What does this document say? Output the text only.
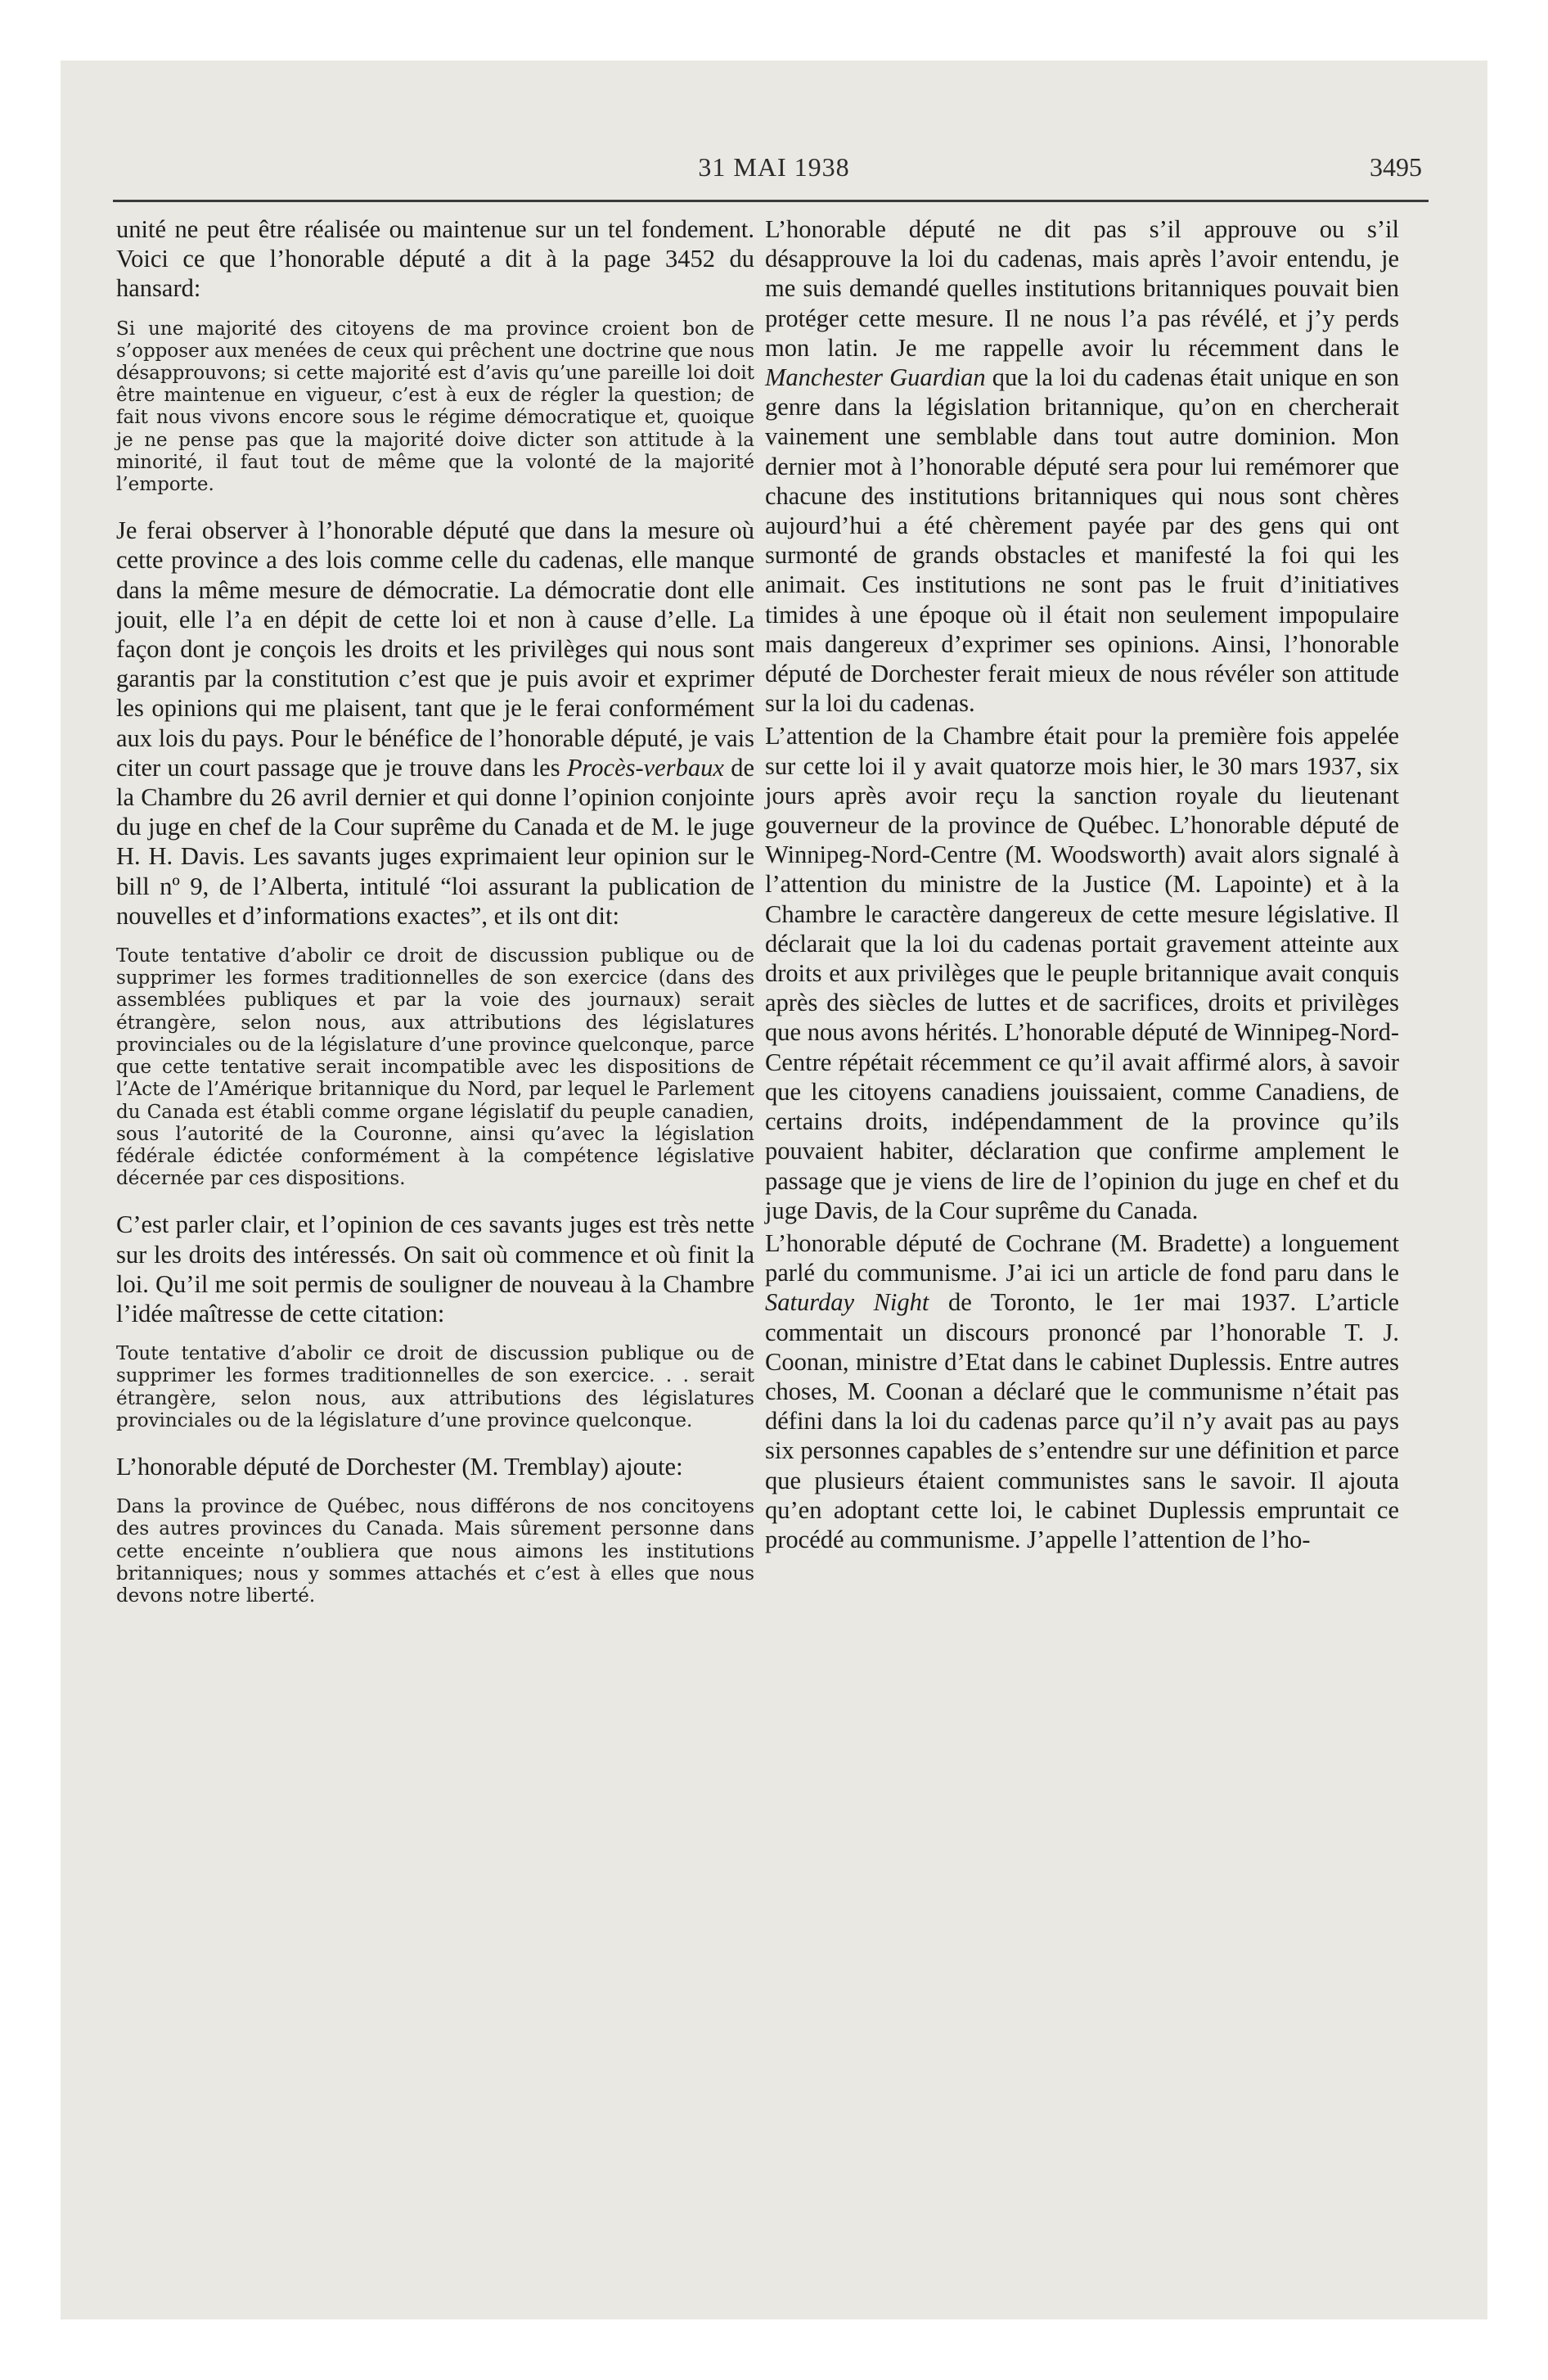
31 MAI 1938	3495

unité ne peut être réalisée ou maintenue sur un tel fondement. Voici ce que l’honorable député a dit à la page 3452 du hansard:

Si une majorité des citoyens de ma province croient bon de s’opposer aux menées de ceux qui prêchent une doctrine que nous désapprouvons; si cette majorité est d’avis qu’une pareille loi doit être maintenue en vigueur, c’est à eux de régler la question; de fait nous vivons encore sous le régime démocratique et, quoique je ne pense pas que la majorité doive dicter son attitude à la minorité, il faut tout de même que la volonté de la majorité l’emporte.

Je ferai observer à l’honorable député que dans la mesure où cette province a des lois comme celle du cadenas, elle manque dans la même mesure de démocratie. La démocratie dont elle jouit, elle l’a en dépit de cette loi et non à cause d’elle. La façon dont je conçois les droits et les privilèges qui nous sont garantis par la constitution c’est que je puis avoir et exprimer les opinions qui me plaisent, tant que je le ferai conformément aux lois du pays. Pour le bénéfice de l’honorable député, je vais citer un court passage que je trouve dans les Procès-verbaux de la Chambre du 26 avril dernier et qui donne l’opinion conjointe du juge en chef de la Cour suprême du Canada et de M. le juge H. H. Davis. Les savants juges exprimaient leur opinion sur le bill nº 9, de l’Alberta, intitulé “loi assurant la publication de nouvelles et d’informations exactes”, et ils ont dit:

Toute tentative d’abolir ce droit de discussion publique ou de supprimer les formes traditionnelles de son exercice (dans des assemblées publiques et par la voie des journaux) serait étrangère, selon nous, aux attributions des législatures provinciales ou de la législature d’une province quelconque, parce que cette tentative serait incompatible avec les dispositions de l’Acte de l’Amérique britannique du Nord, par lequel le Parlement du Canada est établi comme organe législatif du peuple canadien, sous l’autorité de la Couronne, ainsi qu’avec la législation fédérale édictée conformément à la compétence législative décernée par ces dispositions.

C’est parler clair, et l’opinion de ces savants juges est très nette sur les droits des intéressés. On sait où commence et où finit la loi. Qu’il me soit permis de souligner de nouveau à la Chambre l’idée maîtresse de cette citation:

Toute tentative d’abolir ce droit de discussion publique ou de supprimer les formes traditionnelles de son exercice. . . serait étrangère, selon nous, aux attributions des législatures provinciales ou de la législature d’une province quelconque.

L’honorable député de Dorchester (M. Tremblay) ajoute:

Dans la province de Québec, nous différons de nos concitoyens des autres provinces du Canada. Mais sûrement personne dans cette enceinte n’oubliera que nous aimons les institutions britanniques; nous y sommes attachés et c’est à elles que nous devons notre liberté.

L’honorable député ne dit pas s’il approuve ou s’il désapprouve la loi du cadenas, mais après l’avoir entendu, je me suis demandé quelles institutions britanniques pouvait bien protéger cette mesure. Il ne nous l’a pas révélé, et j’y perds mon latin. Je me rappelle avoir lu récemment dans le Manchester Guardian que la loi du cadenas était unique en son genre dans la législation britannique, qu’on en chercherait vainement une semblable dans tout autre dominion. Mon dernier mot à l’honorable député sera pour lui remémorer que chacune des institutions britanniques qui nous sont chères aujourd’hui a été chèrement payée par des gens qui ont surmonté de grands obstacles et manifesté la foi qui les animait. Ces institutions ne sont pas le fruit d’initiatives timides à une époque où il était non seulement impopulaire mais dangereux d’exprimer ses opinions. Ainsi, l’honorable député de Dorchester ferait mieux de nous révéler son attitude sur la loi du cadenas.

L’attention de la Chambre était pour la première fois appelée sur cette loi il y avait quatorze mois hier, le 30 mars 1937, six jours après avoir reçu la sanction royale du lieutenant gouverneur de la province de Québec. L’honorable député de Winnipeg-Nord-Centre (M. Woodsworth) avait alors signalé à l’attention du ministre de la Justice (M. Lapointe) et à la Chambre le caractère dangereux de cette mesure législative. Il déclarait que la loi du cadenas portait gravement atteinte aux droits et aux privilèges que le peuple britannique avait conquis après des siècles de luttes et de sacrifices, droits et privilèges que nous avons hérités. L’honorable député de Winnipeg-Nord-Centre répétait récemment ce qu’il avait affirmé alors, à savoir que les citoyens canadiens jouissaient, comme Canadiens, de certains droits, indépendamment de la province qu’ils pouvaient habiter, déclaration que confirme amplement le passage que je viens de lire de l’opinion du juge en chef et du juge Davis, de la Cour suprême du Canada.

L’honorable député de Cochrane (M. Bradette) a longuement parlé du communisme. J’ai ici un article de fond paru dans le Saturday Night de Toronto, le 1er mai 1937. L’article commentait un discours prononcé par l’honorable T. J. Coonan, ministre d’Etat dans le cabinet Duplessis. Entre autres choses, M. Coonan a déclaré que le communisme n’était pas défini dans la loi du cadenas parce qu’il n’y avait pas au pays six personnes capables de s’entendre sur une définition et parce que plusieurs étaient communistes sans le savoir. Il ajouta qu’en adoptant cette loi, le cabinet Duplessis empruntait ce procédé au communisme. J’appelle l’attention de l’ho-
